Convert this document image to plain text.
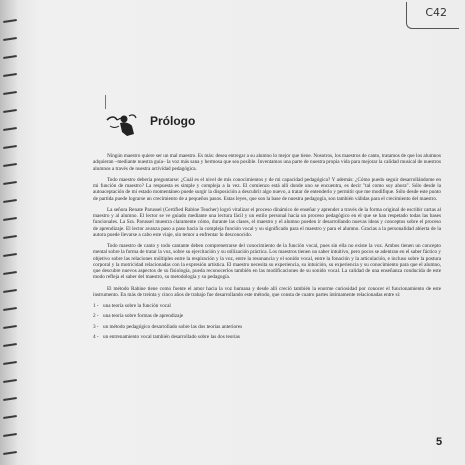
C42
Prólogo

Ningún maestro quiere ser un mal maestro. Es más: desea entregar a su alumno lo mejor que tiene. Nosotros, los maestros de canto, tratamos de que los alumnos adquieran –mediante nuestra guía– la voz más sana y hermosa que sea posible. Inventamos una parte de nuestra propia vida para mejorar la calidad musical de nuestros alumnos a través de nuestra actividad pedagógica.

Todo maestro debería preguntarse: ¿Cuál es el nivel de mis conocimientos y de mi capacidad pedagógica? Y además: ¿Cómo puedo seguir desarrollándome en mi función de maestro? La respuesta es simple y compleja a la vez. El comienzo está allí donde uno se encuentra, es decir "tal como soy ahora". Sólo desde la autoaceptación de mi estado momentáneo puede surgir la disposición a descubrir algo nuevo, a tratar de entenderlo y permitir que me modifique. Sólo desde este punto de partida puede lograrse un crecimiento de a pequeños pasos. Estas leyes, que son la base de nuestra pedagogía, son también válidas para el crecimiento del maestro.

La señora Renate Parussel (Certified Rabine Teacher) logró vitalizar el proceso dinámico de enseñar y aprender a través de la forma original de escribir cartas al maestro y al alumno. El lector se ve guiado mediante una lectura fácil y un estilo personal hacia un proceso pedagógico en el que se han respetado todas las bases funcionales. La Sra. Parussel muestra claramente cómo, durante las clases, el maestro y el alumno pueden ir desarrollando nuevas ideas y conceptos sobre el proceso de aprendizaje. El lector avanza paso a paso hacia la compleja función vocal y su significado para el maestro y para el alumno. Gracias a la personalidad abierta de la autora puede llevarse a cabo este viaje, sin temor a enfrentar lo desconocido.

Todo maestro de canto y todo cantante deben comprenetrarse del conocimiento de la función vocal, pues sin ella no existe la voz. Ambos tienen un concepto mental sobre la forma de tratar la voz, sobre su ejercitación y su utilización práctica. Los maestros tienen un saber intuitivo, pero pocos se adentran en el saber fáctico y objetivo sobre las relaciones múltiples entre la respiración y la voz, entre la resonancia y el sonido vocal, entre la fonación y la articulación, e incluso sobre la postura corporal y la motricidad relacionadas con la expresión artística. El maestro necesita su experiencia, su intuición, su experiencia y su conocimiento para que el alumno, que descubre nuevos aspectos de su fisiología, pueda reconocerlos también en las modificaciones de su sonido vocal. La calidad de una enseñanza conducida de este modo refleja el saber del maestro, su metodología y su pedagogía.

El método Rabine tiene como fuente el amor hacia la voz humana y desde allí creció también la enorme curiosidad por conocer el funcionamiento de este instrumento. En más de treinta y cinco años de trabajo fue desarrollando este método, que consta de cuatro partes íntimamente relacionadas entre sí:

1 - una teoría sobre la función vocal
2 - una teoría sobre formas de aprendizaje
3 - un método pedagógico desarrollado sobre las dos teorías anteriores
4 - un entrenamiento vocal también desarrollado sobre las dos teorías
5
